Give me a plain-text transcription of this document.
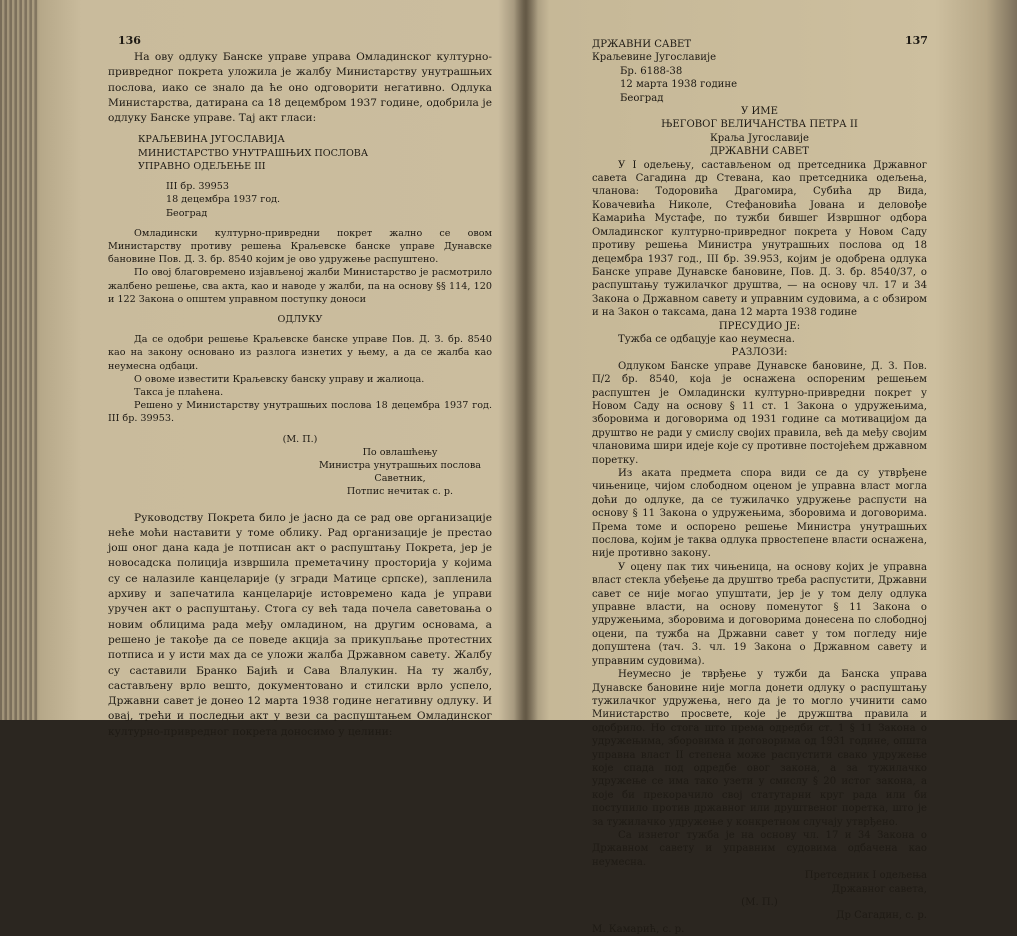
136	137

На ову одлуку Банске управе управа Омладинског културно-привредног покрета уложила је жалбу Министарству унутрашњих послова, иако се знало да ће оно одговорити негативно. Одлука Министарства, датирана са 18 децембром 1937 године, одобрила је одлуку Банске управе. Тај акт гласи:

КРАЉЕВИНА ЈУГОСЛАВИЈА
МИНИСТАРСТВО УНУТРАШЊИХ ПОСЛОВА
УПРАВНО ОДЕЉЕЊЕ III
III бр. 39953
18 децембра 1937 год.
Београд

Омладински културно-привредни покрет жално се овом Министарству противу решења Краљевске банске управе Дунавске бановине Пов. Д. З. бр. 8540 којим је ово удружење распуштено.

По овој благовремено изјављеној жалби Министарство је расмотрило жалбено решење, сва акта, као и наводе у жалби, па на основу §§ 114, 120 и 122 Закона о општем управном поступку доноси

ОДЛУКУ

Да се одобри решење Краљевске банске управе Пов. Д. З. бр. 8540 као на закону основано из разлога изнетих у њему, а да се жалба као неумесна одбаци.

О овоме известити Краљевску банску управу и жалиоца.

Такса је плаћена.

Решено у Министарству унутрашњих послова 18 децембра 1937 год. III бр. 39953.

(М. П.)

По овлашћењу
Министра унутрашњих послова
Саветник,
Потпис нечитак с. р.

Руководству Покрета било је јасно да се рад ове организације неће моћи наставити у томе облику. Рад организације је престао још оног дана када је потписан акт о распуштању Покрета, јер је новосадска полиција извршила преметачину просторија у којима су се налазиле канцеларије (у згради Матице српске), запленила архиву и запечатила канцеларије истовремено када је управи уручен акт о распуштању. Стога су већ тада почела саветовања о новим облицима рада међу омладином, на другим основама, а решено је такође да се поведе акција за прикупљање протестних потписа и у исти мах да се уложи жалба Државном савету. Жалбу су саставили Бранко Бајић и Сава Влалукин. На ту жалбу, састављену врло вешто, документовано и стилски врло успело, Државни савет је донео 12 марта 1938 године негативну одлуку. И овај, трећи и последњи акт у вези са распуштањем Омладинског културно-привредног покрета доносимо у целини:

ДРЖАВНИ САВЕТ
Краљевине Југославије
Бр. 6188-38
12 марта 1938 године
Београд
У ИМЕ
ЊЕГОВОГ ВЕЛИЧАНСТВА ПЕТРА II
Краља Југославије
ДРЖАВНИ САВЕТ

У I одељењу, састављеном од претседника Државног савета Сагадина др Стевана, као претседника одељења, чланова: Тодоровића Драгомира, Субића др Вида, Ковачевића Николе, Стефановића Јована и деловође Камарића Мустафе, по тужби бившег Извршног одбора Омладинског културно-привредног покрета у Новом Саду противу решења Министра унутрашњих послова од 18 децембра 1937 год., III бр. 39.953, којим је одобрена одлука Банске управе Дунавске бановине, Пов. Д. З. бр. 8540/37, о распуштању тужилачког друштва, — на основу чл. 17 и 34 Закона о Државном савету и управним судовима, а с обзиром и на Закон о таксама, дана 12 марта 1938 године

ПРЕСУДИО ЈЕ:

Тужба се одбацује као неумесна.

РАЗЛОЗИ:

Одлуком Банске управе Дунавске бановине, Д. З. Пов. П/2 бр. 8540, која је оснажена оспореним решењем распуштен је Омладински културно-привредни покрет у Новом Саду на основу § 11 ст. 1 Закона о удружењима, зборовима и договорима од 1931 године са мотивацијом да друштво не ради у смислу својих правила, већ да међу својим члановима шири идеје које су противне постојећем државном поретку.

Из аката предмета спора види се да су утврђене чињенице, чијом слободном оценом је управна власт могла доћи до одлуке, да се тужилачко удружење распусти на основу § 11 Закона о удружењима, зборовима и договорима. Према томе и оспорено решење Министра унутрашњих послова, којим је таква одлука првостепене власти оснажена, није противно закону.

У оцену пак тих чињеница, на основу којих је управна власт стекла убеђење да друштво треба распустити, Државни савет се није могао упуштати, јер је у том делу одлука управне власти, на основу поменутог § 11 Закона о удружењима, зборовима и договорима донесена по слободној оцени, па тужба на Државни савет у том погледу није допуштена (тач. 3. чл. 19 Закона о Државном савету и управним судовима).

Неумесно је тврђење у тужби да Банска управа Дунавске бановине није могла донети одлуку о распуштању тужилачког удружења, него да је то могло учинити само Министарство просвете, које је дружштва правила и одобрило. Но стога што према одредби ст. 1 § 11 Закона о удружењима, зборовима и договорима од 1931 године, општа управна власт II степена може распустити свако удружење које спада под одредбе овог закона, а за тужилачко удружење се има тако узети у смислу § 20 истог закона, а које би прекорачило свој статутарни круг рада или би поступило против државног или друштвеног поретка, што је за тужилачко удружење у конкретном случају утврђено.

Са изнетог тужба је на основу чл. 17 и 34 Закона о Државном савету и управним судовима одбачена као неумесна.

Претседник I одељења
Државног савета,

(М. П.)

Др Сагадин, с. р.

М. Камарић, с. р.
